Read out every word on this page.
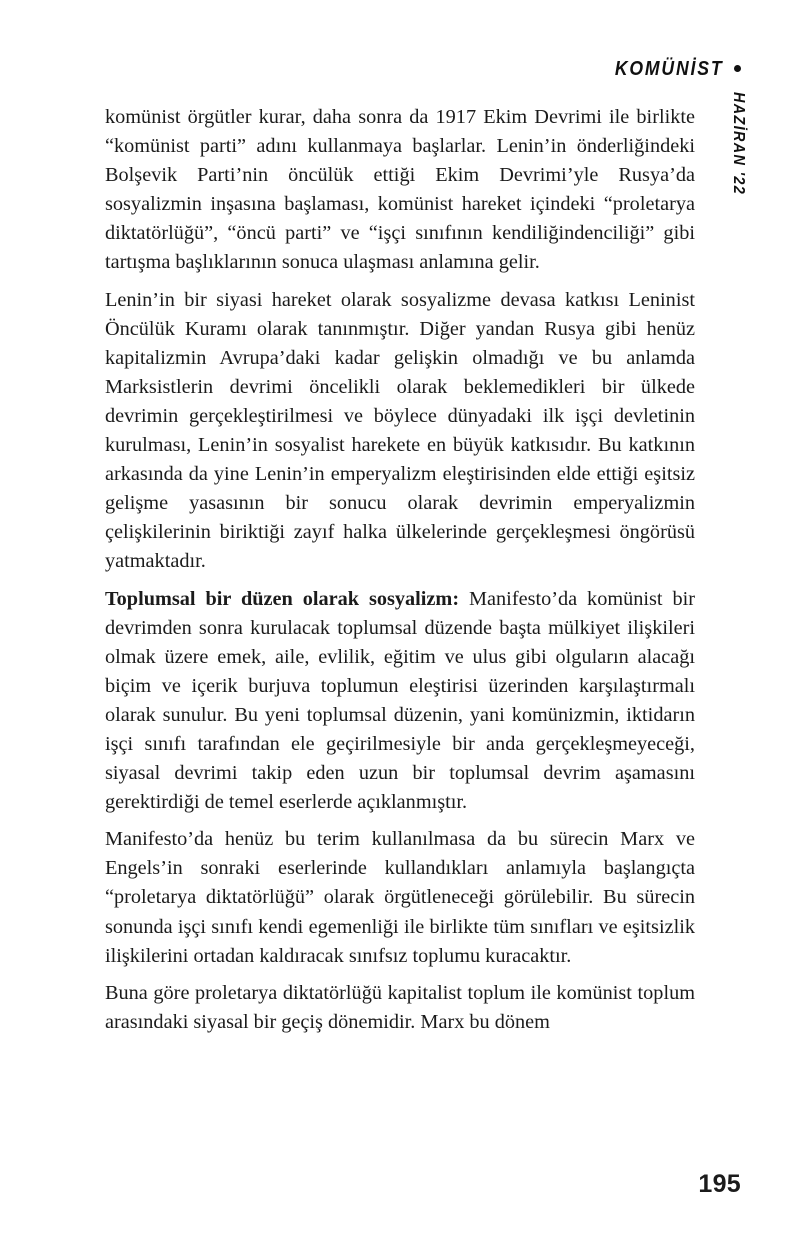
KOMÜNİST
HAZİRAN '22

komünist örgütler kurar, daha sonra da 1917 Ekim Devrimi ile birlikte “komünist parti” adını kullanmaya başlarlar. Lenin’in önderliğindeki Bolşevik Parti’nin öncülük ettiği Ekim Devrimi’yle Rusya’da sosyalizmin inşasına başlaması, komünist hareket içindeki “proletarya diktatörlüğü”, “öncü parti” ve “işçi sınıfının kendiliğindenciliği” gibi tartışma başlıklarının sonuca ulaşması anlamına gelir.

Lenin’in bir siyasi hareket olarak sosyalizme devasa katkısı Leninist Öncülük Kuramı olarak tanınmıştır. Diğer yandan Rusya gibi henüz kapitalizmin Avrupa’daki kadar gelişkin olmadığı ve bu anlamda Marksistlerin devrimi öncelikli olarak beklemedikleri bir ülkede devrimin gerçekleştirilmesi ve böylece dünyadaki ilk işçi devletinin kurulması, Lenin’in sosyalist harekete en büyük katkısıdır. Bu katkının arkasında da yine Lenin’in emperyalizm eleştirisinden elde ettiği eşitsiz gelişme yasasının bir sonucu olarak devrimin emperyalizmin çelişkilerinin biriktiği zayıf halka ülkelerinde gerçekleşmesi öngörüsü yatmaktadır.

Toplumsal bir düzen olarak sosyalizm: Manifesto’da komünist bir devrimden sonra kurulacak toplumsal düzende başta mülkiyet ilişkileri olmak üzere emek, aile, evlilik, eğitim ve ulus gibi olguların alacağı biçim ve içerik burjuva toplumun eleştirisi üzerinden karşılaştırmalı olarak sunulur. Bu yeni toplumsal düzenin, yani komünizmin, iktidarın işçi sınıfı tarafından ele geçirilmesiyle bir anda gerçekleşmeyeceği, siyasal devrimi takip eden uzun bir toplumsal devrim aşamasını gerektirdiği de temel eserlerde açıklanmıştır.

Manifesto’da henüz bu terim kullanılmasa da bu sürecin Marx ve Engels’in sonraki eserlerinde kullandıkları anlamıyla başlangıçta “proletarya diktatörlüğü” olarak örgütleneceği görülebilir. Bu sürecin sonunda işçi sınıfı kendi egemenliği ile birlikte tüm sınıfları ve eşitsizlik ilişkilerini ortadan kaldıracak sınıfsız toplumu kuracaktır.

Buna göre proletarya diktatörlüğü kapitalist toplum ile komünist toplum arasındaki siyasal bir geçiş dönemidir. Marx bu dönem

195
